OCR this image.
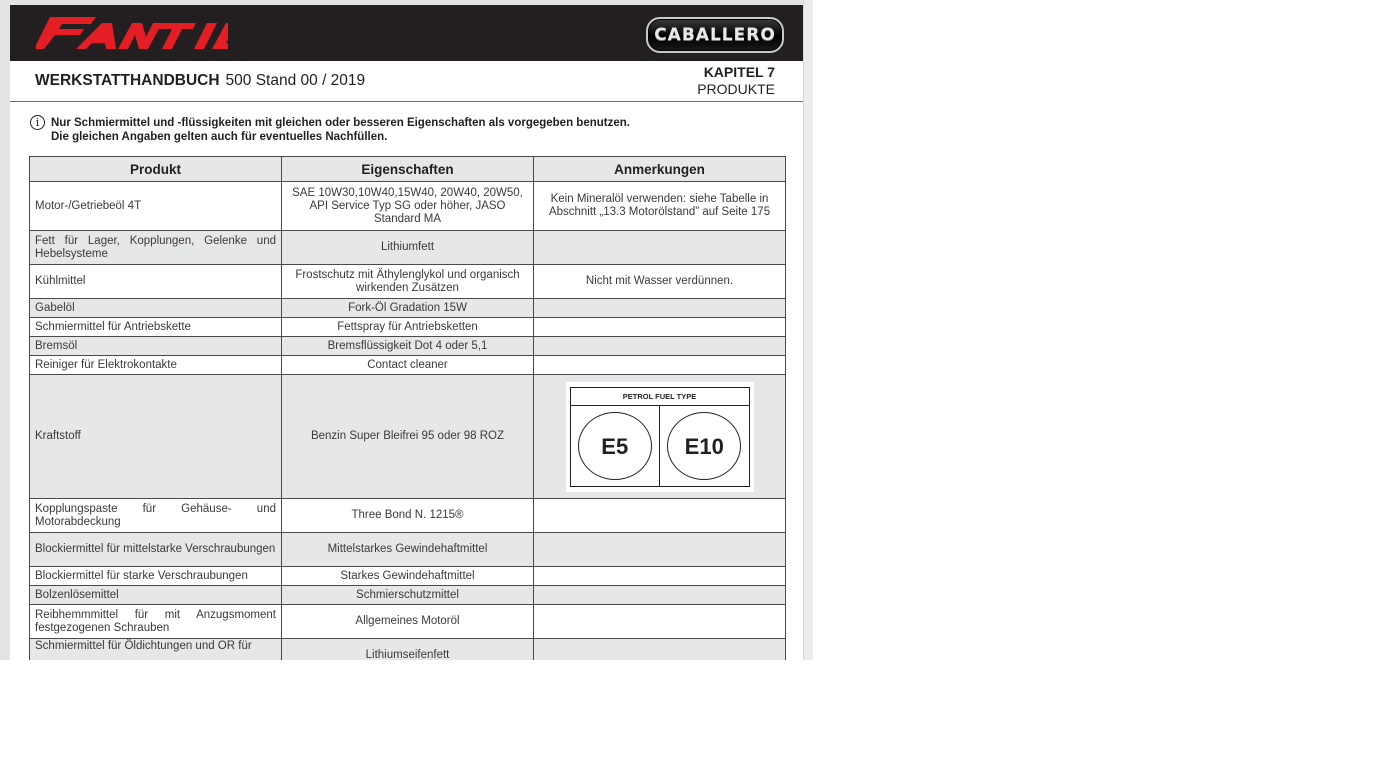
CABALLERO
WERKSTATTHANDBUCH 500 Stand 00 / 2019	KAPITEL 7
PRODUKTE
i	Nur Schmiermittel und -flüssigkeiten mit gleichen oder besseren Eigenschaften als vorgegeben benutzen.
Die gleichen Angaben gelten auch für eventuelles Nachfüllen.
Produkt	Eigenschaften	Anmerkungen
Motor-/Getriebeöl 4T	SAE 10W30,10W40,15W40, 20W40, 20W50, API Service Typ SG oder höher, JASO Standard MA	Kein Mineralöl verwenden: siehe Tabelle in Abschnitt „13.3 Motorölstand” auf Seite 175
Fett für Lager, Kopplungen, Gelenke und Hebelsysteme	Lithiumfett	
Kühlmittel	Frostschutz mit Äthylenglykol und organisch wirkenden Zusätzen	Nicht mit Wasser verdünnen.
Gabelöl	Fork-Öl Gradation 15W	
Schmiermittel für Antriebskette	Fettspray für Antriebsketten	
Bremsöl	Bremsflüssigkeit Dot 4 oder 5,1	
Reiniger für Elektrokontakte	Contact cleaner	
Kraftstoff	Benzin Super Bleifrei 95 oder 98 ROZ	PETROL FUEL TYPE
E5 E10

Kopplungspaste für Gehäuse- und Motorabdeckung	Three Bond N. 1215®	
Blockiermittel für mittelstarke Verschraubungen	Mittelstarkes Gewindehaftmittel	
Blockiermittel für starke Verschraubungen	Starkes Gewindehaftmittel	
Bolzenlösemittel	Schmierschutzmittel	
Reibhemmmittel für mit Anzugsmoment festgezogenen Schrauben	Allgemeines Motoröl	
Schmiermittel für Öldichtungen und OR für	Lithiumseifenfett	
